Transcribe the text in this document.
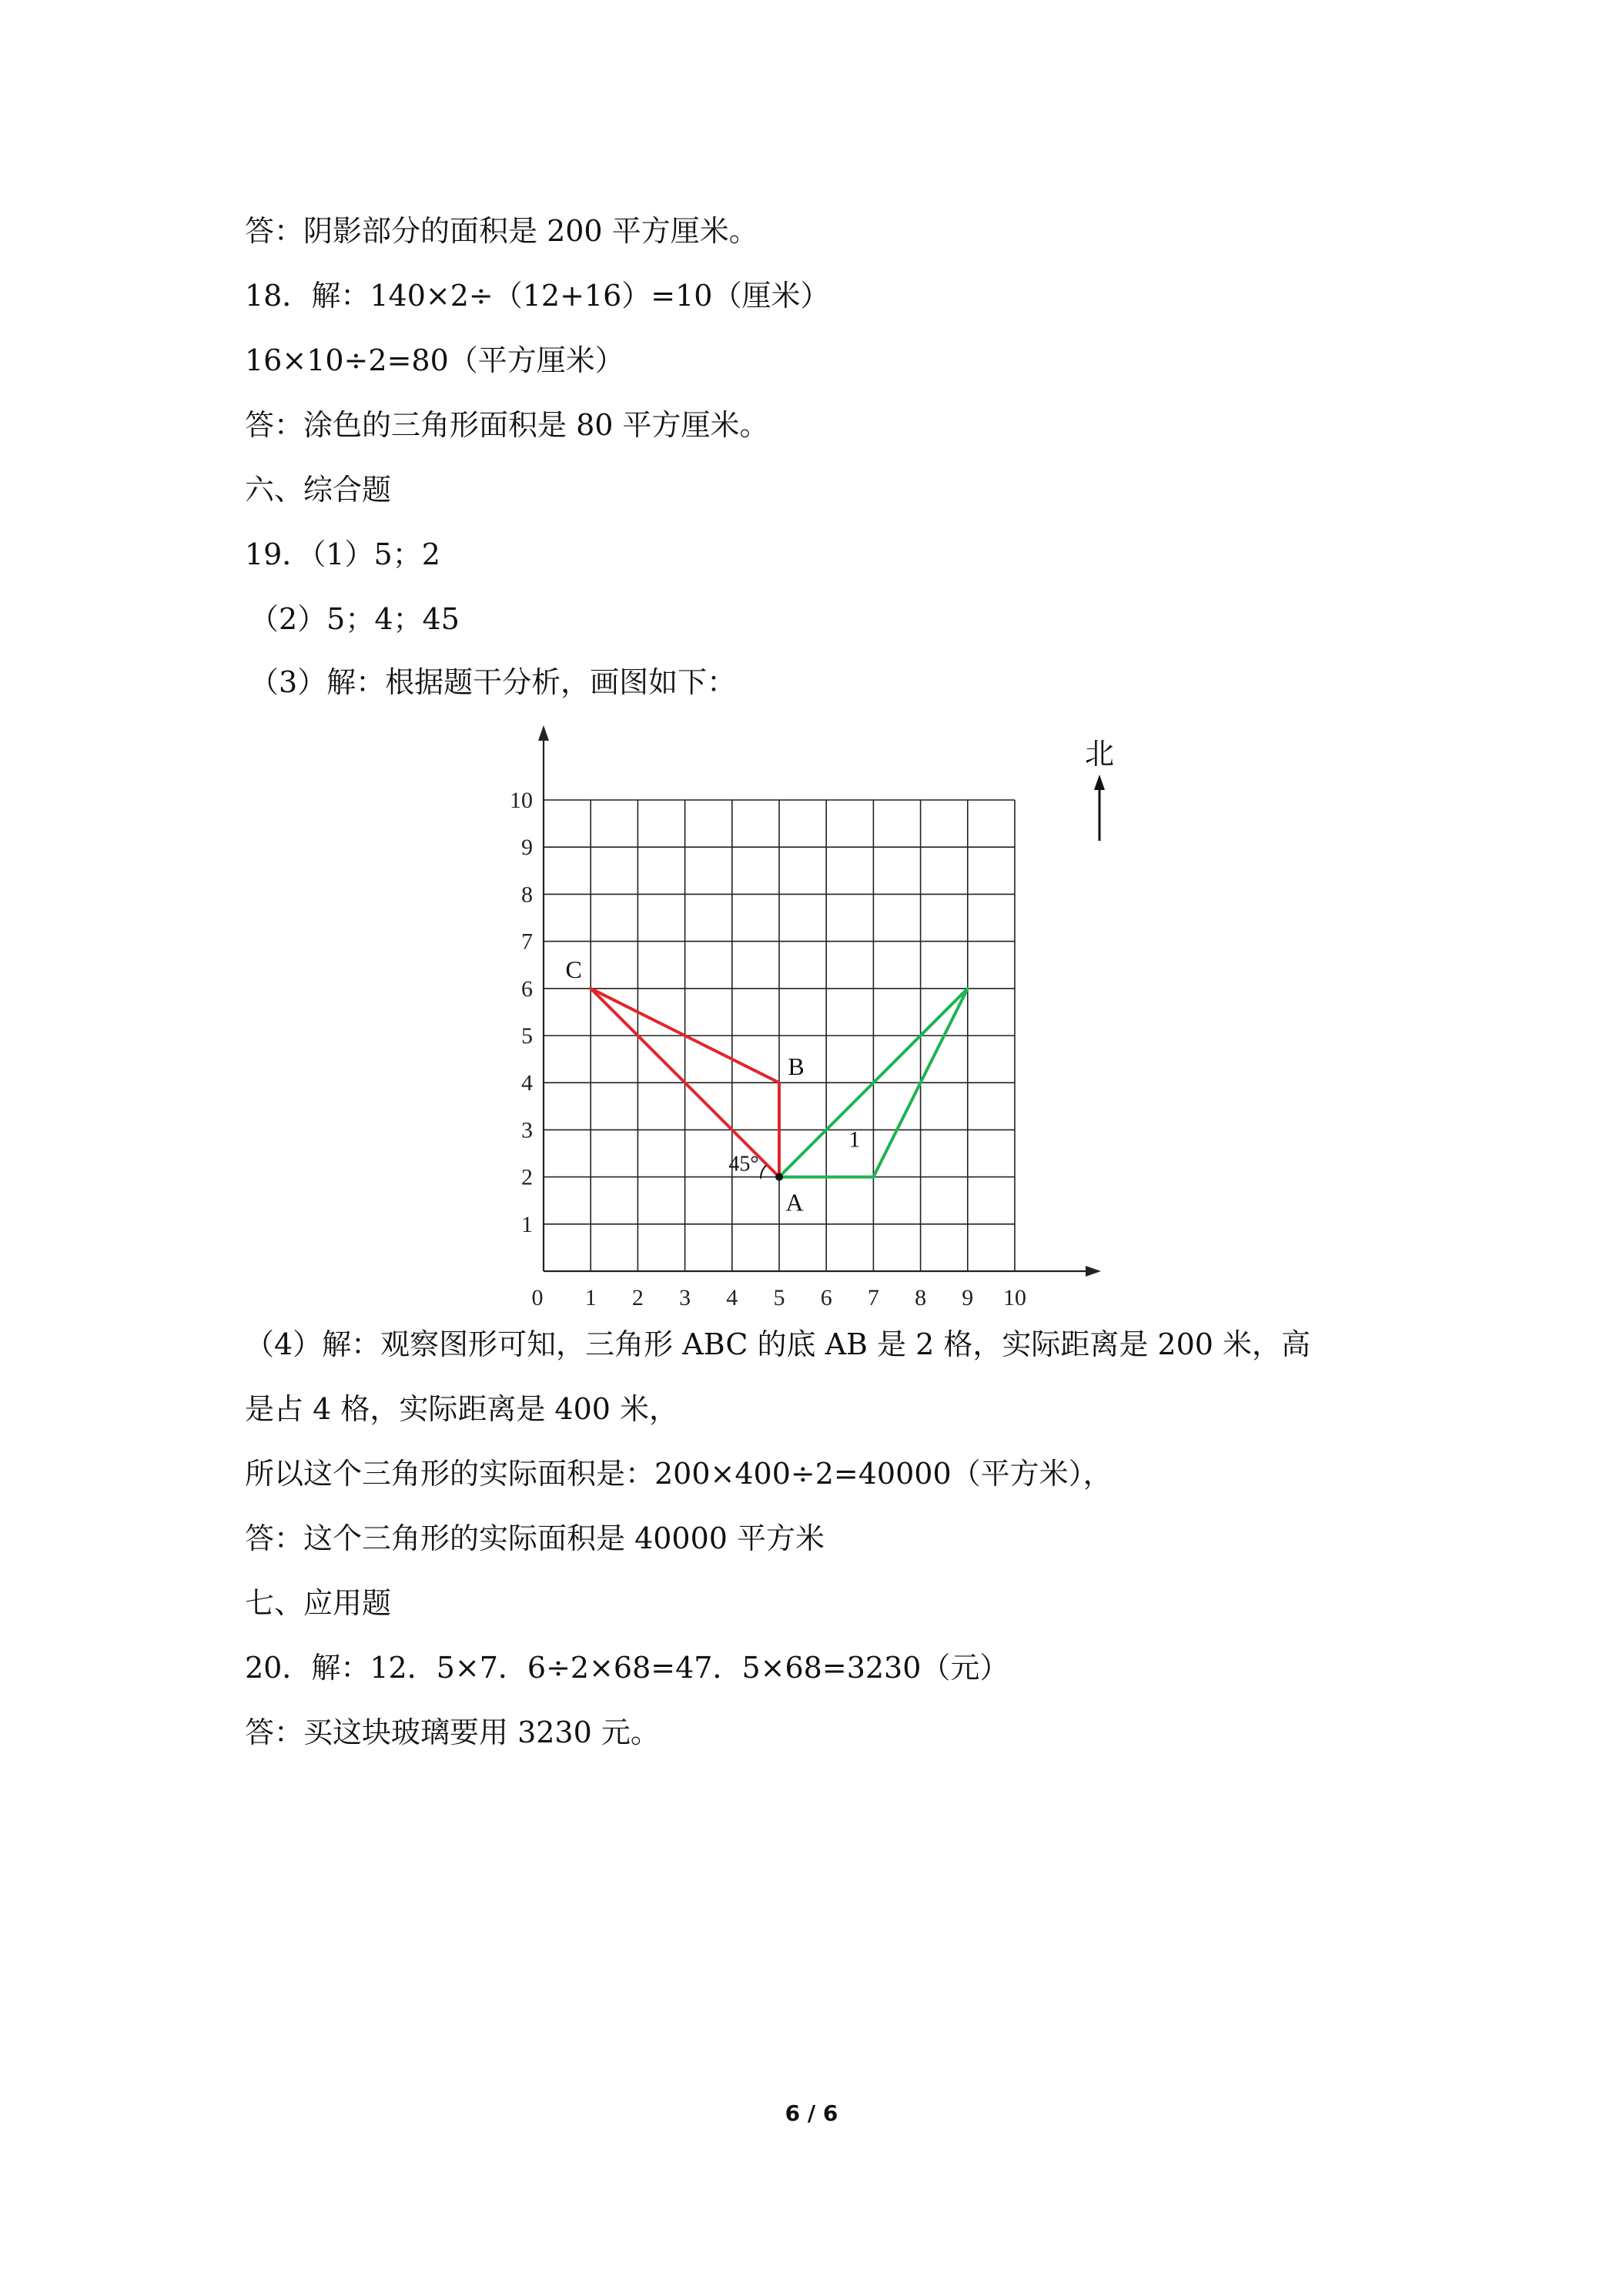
答：阴影部分的面积是 200 平方厘米。
18．解：140×2÷（12+16）=10（厘米）
16×10÷2=80（平方厘米）
答：涂色的三角形面积是 80 平方厘米。
六、综合题
19．（1）5；2
（2）5；4；45
（3）解：根据题干分析，画图如下：
0 1 2 3 4 5 6 7 8 9 10
1
2
3
4
5
6
7
8
9
10
A
B
C
45°
1
北
（4）解：观察图形可知，三角形 ABC 的底 AB 是 2 格，实际距离是 200 米，高
是占 4 格，实际距离是 400 米，
所以这个三角形的实际面积是：200×400÷2=40000（平方米），
答：这个三角形的实际面积是 40000 平方米
七、应用题
20．解：12．5×7．6÷2×68=47．5×68=3230（元）
答：买这块玻璃要用 3230 元。
6 / 6
